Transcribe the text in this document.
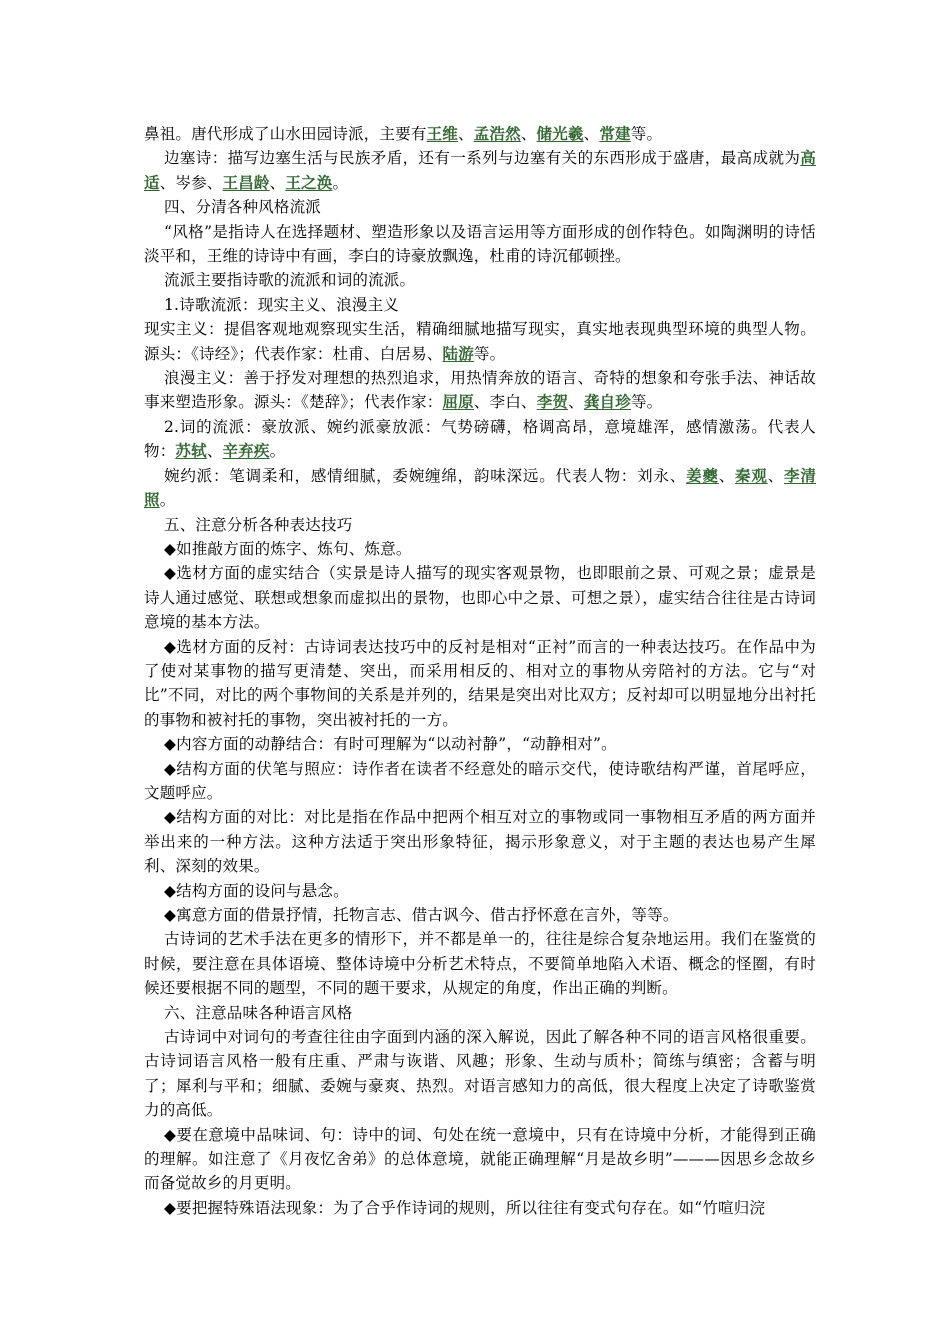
鼻祖。唐代形成了山水田园诗派，主要有王维、孟浩然、储光羲、常建等。

边塞诗：描写边塞生活与民族矛盾，还有一系列与边塞有关的东西形成于盛唐，最高成就为高适、岑参、王昌龄、王之涣。

四、分清各种风格流派

“风格”是指诗人在选择题材、塑造形象以及语言运用等方面形成的创作特色。如陶渊明的诗恬淡平和，王维的诗诗中有画，李白的诗豪放飘逸，杜甫的诗沉郁顿挫。

流派主要指诗歌的流派和词的流派。

1.诗歌流派：现实主义、浪漫主义

现实主义：提倡客观地观察现实生活，精确细腻地描写现实，真实地表现典型环境的典型人物。源头：《诗经》；代表作家：杜甫、白居易、陆游等。

浪漫主义：善于抒发对理想的热烈追求，用热情奔放的语言、奇特的想象和夸张手法、神话故事来塑造形象。源头：《楚辞》；代表作家：屈原、李白、李贺、龚自珍等。

2.词的流派：豪放派、婉约派豪放派：气势磅礴，格调高昂，意境雄浑，感情激荡。代表人物：苏轼、辛弃疾。

婉约派：笔调柔和，感情细腻，委婉缠绵，韵味深远。代表人物：刘永、姜夔、秦观、李清照。

五、注意分析各种表达技巧

◆如推敲方面的炼字、炼句、炼意。

◆选材方面的虚实结合（实景是诗人描写的现实客观景物，也即眼前之景、可观之景；虚景是诗人通过感觉、联想或想象而虚拟出的景物，也即心中之景、可想之景），虚实结合往往是古诗词意境的基本方法。

◆选材方面的反衬：古诗词表达技巧中的反衬是相对“正衬”而言的一种表达技巧。在作品中为了使对某事物的描写更清楚、突出，而采用相反的、相对立的事物从旁陪衬的方法。它与“对比”不同，对比的两个事物间的关系是并列的，结果是突出对比双方；反衬却可以明显地分出衬托的事物和被衬托的事物，突出被衬托的一方。

◆内容方面的动静结合：有时可理解为“以动衬静”，“动静相对”。

◆结构方面的伏笔与照应：诗作者在读者不经意处的暗示交代，使诗歌结构严谨，首尾呼应，文题呼应。

◆结构方面的对比：对比是指在作品中把两个相互对立的事物或同一事物相互矛盾的两方面并举出来的一种方法。这种方法适于突出形象特征，揭示形象意义，对于主题的表达也易产生犀利、深刻的效果。

◆结构方面的设问与悬念。

◆寓意方面的借景抒情，托物言志、借古讽今、借古抒怀意在言外，等等。

古诗词的艺术手法在更多的情形下，并不都是单一的，往往是综合复杂地运用。我们在鉴赏的时候，要注意在具体语境、整体诗境中分析艺术特点，不要简单地陷入术语、概念的怪圈，有时候还要根据不同的题型，不同的题干要求，从规定的角度，作出正确的判断。

六、注意品味各种语言风格

古诗词中对词句的考查往往由字面到内涵的深入解说，因此了解各种不同的语言风格很重要。古诗词语言风格一般有庄重、严肃与诙谐、风趣；形象、生动与质朴；简练与缜密；含蓄与明了；犀利与平和；细腻、委婉与豪爽、热烈。对语言感知力的高低，很大程度上决定了诗歌鉴赏力的高低。

◆要在意境中品味词、句：诗中的词、句处在统一意境中，只有在诗境中分析，才能得到正确的理解。如注意了《月夜忆舍弟》的总体意境，就能正确理解“月是故乡明”———因思乡念故乡而备觉故乡的月更明。

◆要把握特殊语法现象：为了合乎作诗词的规则，所以往往有变式句存在。如“竹喧归浣
